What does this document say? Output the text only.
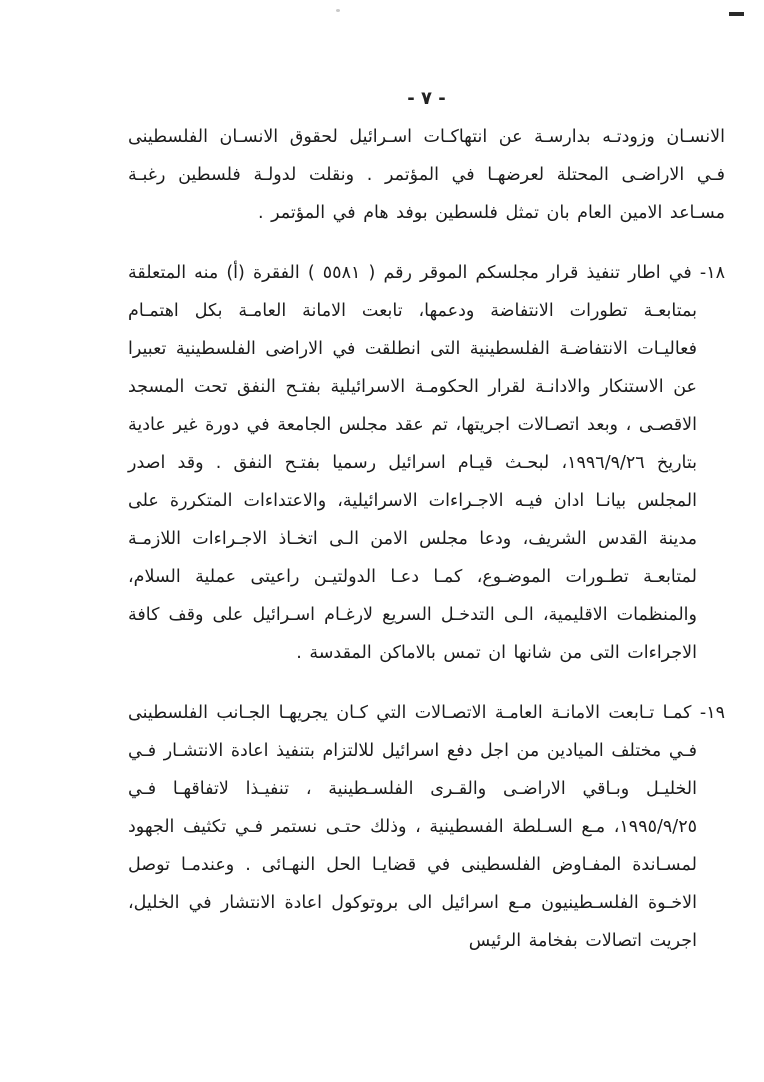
- ٧ -

الانسـان وزودتـه بدارسـة عن انتهاكـات اسـرائيل لحقوق الانسـان الفلسطينى فـي الاراضـى المحتلة لعرضهـا في المؤتمر . ونقلت لدولـة فلسطين رغبـة مسـاعد الامين العام بان تمثل فلسطين بوفد هام في المؤتمر .

١٨- في اطار تنفيذ قرار مجلسكم الموقر رقم ( ٥٥٨١ ) الفقرة (أ) منه المتعلقة بمتابعـة تطورات الانتفاضة ودعمها، تابعت الامانة العامـة بكل اهتمـام فعاليـات الانتفاضـة الفلسطينية التى انطلقت في الاراضى الفلسطينية تعبيرا عن الاستنكار والادانـة لقرار الحكومـة الاسرائيلية بفتـح النفق تحت المسجد الاقصـى ، وبعد اتصـالات اجريتها، تم عقد مجلس الجامعة في دورة غير عادية بتاريخ ١٩٩٦/٩/٢٦، لبحـث قيـام اسرائيل رسميا بفتـح النفق . وقد اصدر المجلس بيانـا ادان فيـه الاجـراءات الاسرائيلية، والاعتداءات المتكررة على مدينة القدس الشريف، ودعا مجلس الامن الـى اتخـاذ الاجـراءات اللازمـة لمتابعـة تطـورات الموضـوع، كمـا دعـا الدولتيـن راعيتى عملية السلام، والمنظمات الاقليمية، الـى التدخـل السريع لارغـام اسـرائيل على وقف كافة الاجراءات التى من شانها ان تمس بالاماكن المقدسة .

١٩- كمـا تـابعت الامانـة العامـة الاتصـالات التي كـان يجريهـا الجـانب الفلسطينى فـي مختلف الميادين من اجل دفع اسرائيل للالتزام بتنفيذ اعادة الانتشـار فـي الخليـل وبـاقي الاراضـى والقـرى الفلسـطينية ، تنفيـذا لاتفاقهـا فـي ١٩٩٥/٩/٢٥، مـع السـلطة الفسطينية ، وذلك حتـى نستمر فـي تكثيف الجهود لمسـاندة المفـاوض الفلسطينى في قضايـا الحل النهـائى . وعندمـا توصل الاخـوة الفلسـطينيون مـع اسرائيل الى بروتوكول اعادة الانتشار في الخليل، اجريت اتصالات بفخامة الرئيس
